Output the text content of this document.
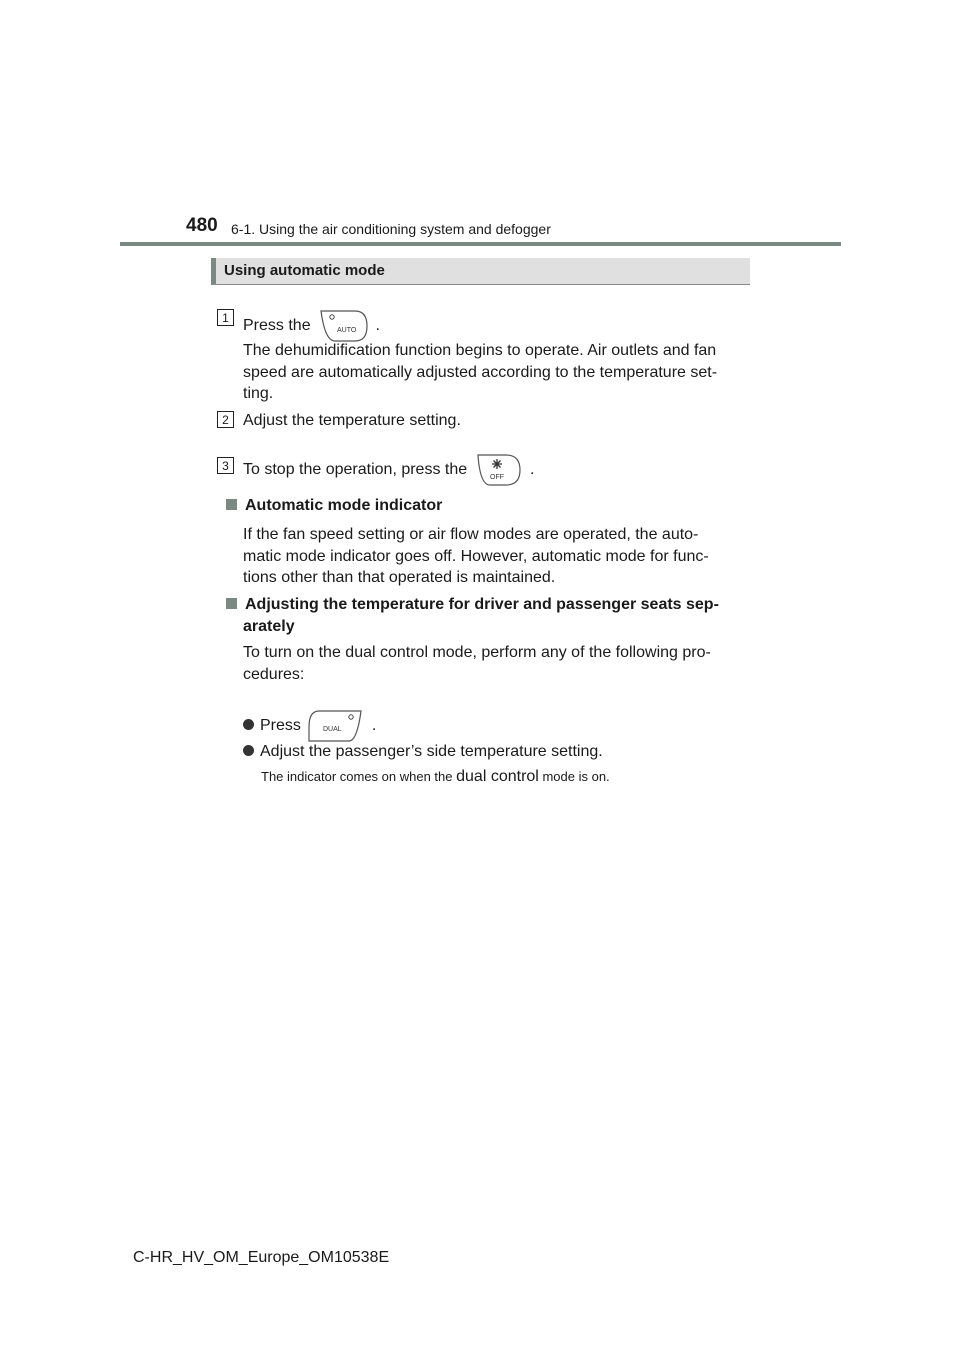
480 6-1. Using the air conditioning system and defogger
Using automatic mode
1 Press the	AUTO .
The dehumidification function begins to operate. Air outlets and fan
speed are automatically adjusted according to the temperature set-
ting.
2 Adjust the temperature setting.
3 To stop the operation, press the	OFF .
Automatic mode indicator
If the fan speed setting or air flow modes are operated, the auto-
matic mode indicator goes off. However, automatic mode for func-
tions other than that operated is maintained.
Adjusting the temperature for driver and passenger seats sep-
arately
To turn on the dual control mode, perform any of the following pro-
cedures:
Press	DUAL .
Adjust the passenger’s side temperature setting.
The indicator comes on when the dual control mode is on.
C-HR_HV_OM_Europe_OM10538E
